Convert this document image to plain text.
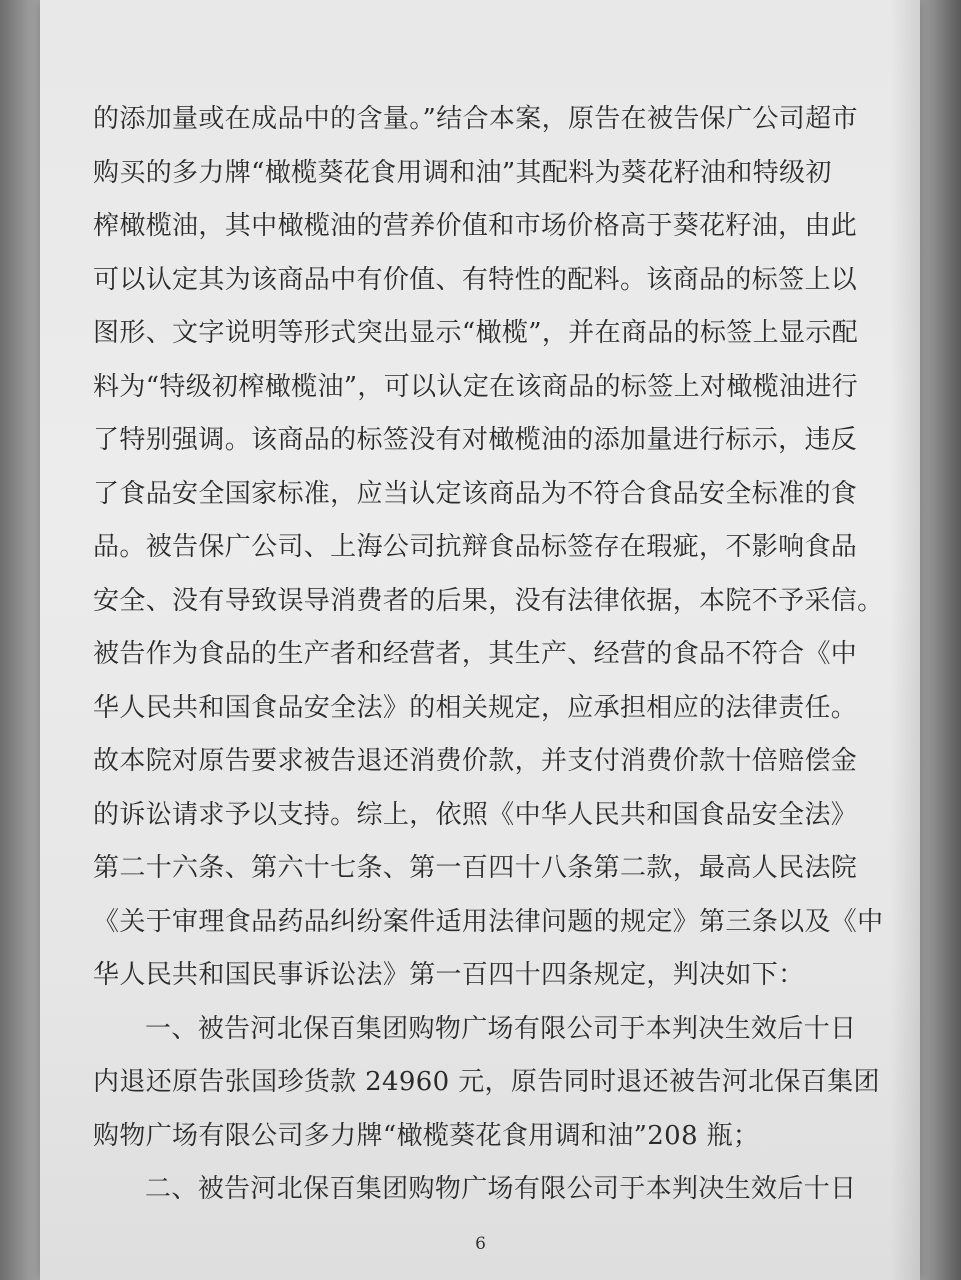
的添加量或在成品中的含量。”结合本案，原告在被告保广公司超市
购买的多力牌“橄榄葵花食用调和油”其配料为葵花籽油和特级初
榨橄榄油，其中橄榄油的营养价值和市场价格高于葵花籽油，由此
可以认定其为该商品中有价值、有特性的配料。该商品的标签上以
图形、文字说明等形式突出显示“橄榄”，并在商品的标签上显示配
料为“特级初榨橄榄油”，可以认定在该商品的标签上对橄榄油进行
了特别强调。该商品的标签没有对橄榄油的添加量进行标示，违反
了食品安全国家标准，应当认定该商品为不符合食品安全标准的食
品。被告保广公司、上海公司抗辩食品标签存在瑕疵，不影响食品
安全、没有导致误导消费者的后果，没有法律依据，本院不予采信。
被告作为食品的生产者和经营者，其生产、经营的食品不符合《中
华人民共和国食品安全法》的相关规定，应承担相应的法律责任。
故本院对原告要求被告退还消费价款，并支付消费价款十倍赔偿金
的诉讼请求予以支持。综上，依照《中华人民共和国食品安全法》
第二十六条、第六十七条、第一百四十八条第二款，最高人民法院
《关于审理食品药品纠纷案件适用法律问题的规定》第三条以及《中
华人民共和国民事诉讼法》第一百四十四条规定，判决如下：
一、被告河北保百集团购物广场有限公司于本判决生效后十日
内退还原告张国珍货款 24960 元，原告同时退还被告河北保百集团
购物广场有限公司多力牌“橄榄葵花食用调和油”208 瓶；
二、被告河北保百集团购物广场有限公司于本判决生效后十日
6
